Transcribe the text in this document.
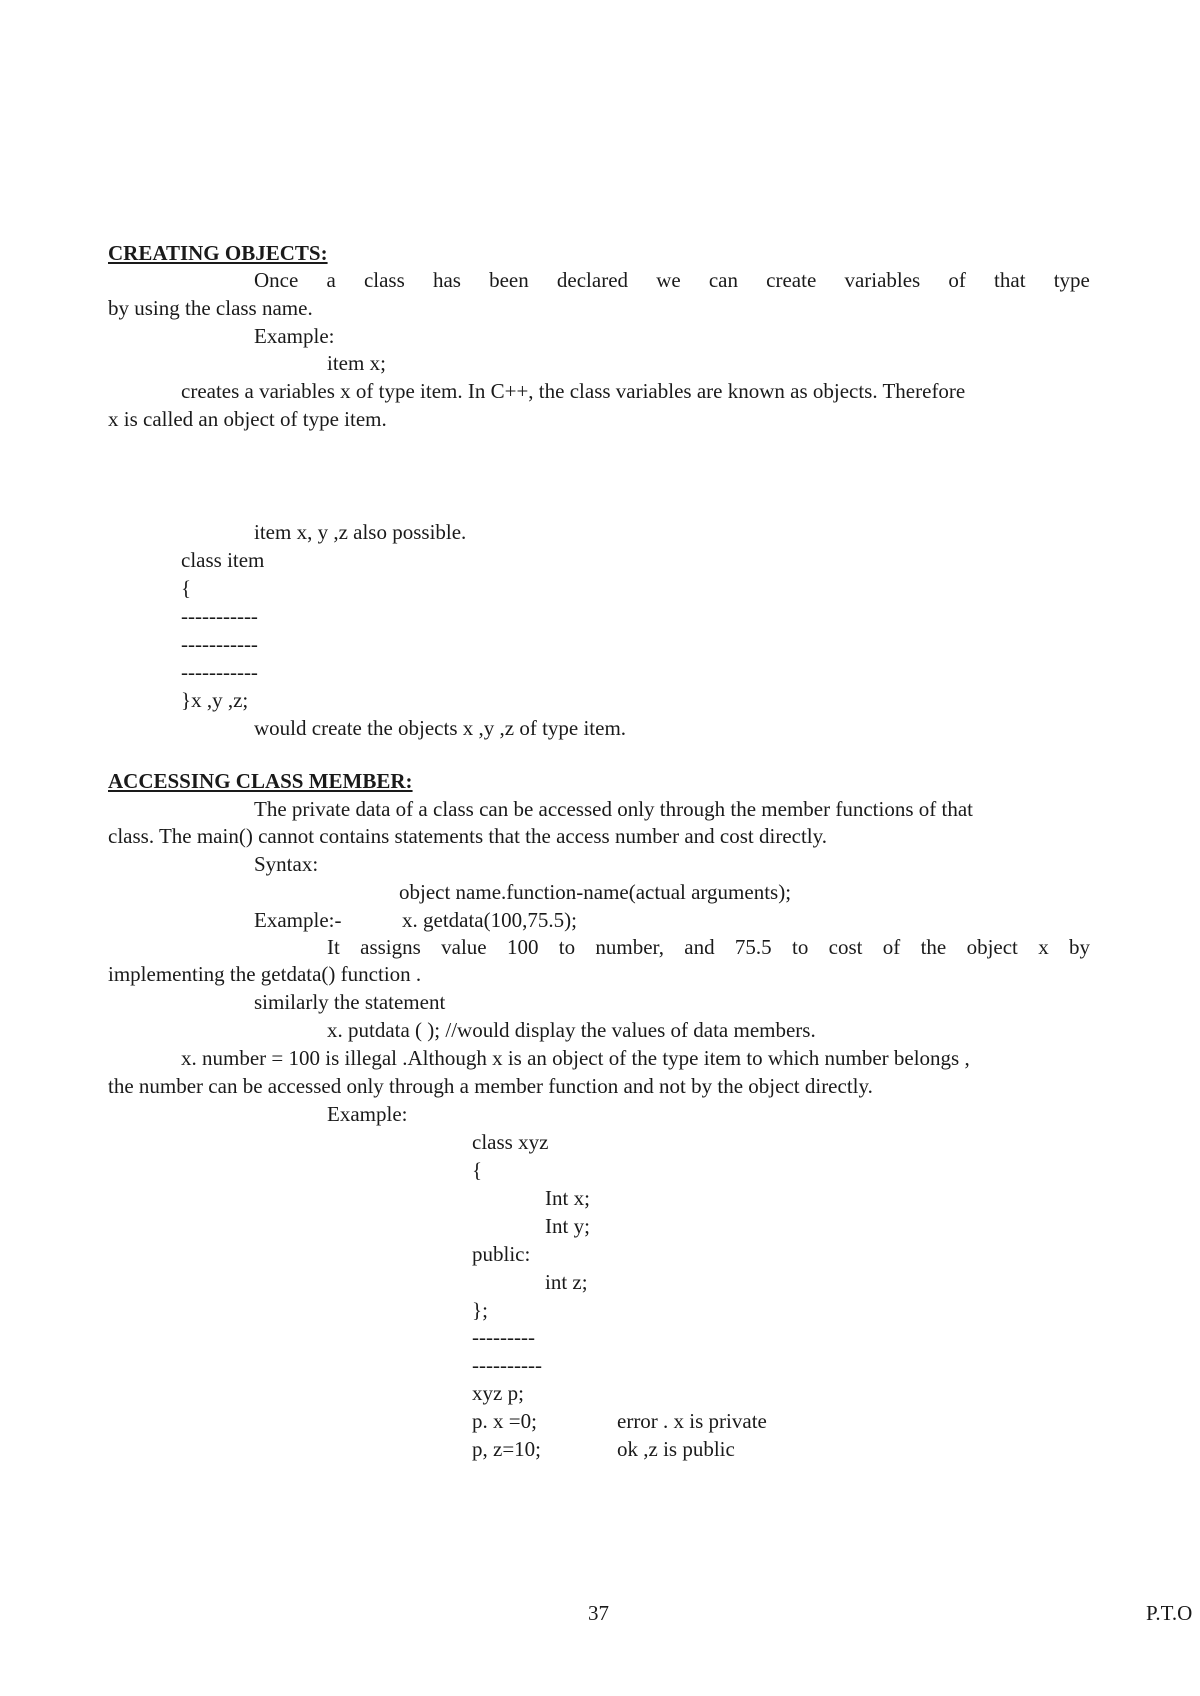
CREATING OBJECTS:
Once a class has been declared we can create variables of that type
by using the class name.
Example:
item x;
creates a variables x of type item. In C++, the class variables are known as objects. Therefore
x is called an object of type item.
item x, y ,z also possible.
class item
{
-----------
-----------
-----------
}x ,y ,z;
would create the objects x ,y ,z of type item.
ACCESSING CLASS MEMBER:
The private data of a class can be accessed only through the member functions of that
class. The main() cannot contains statements that the access number and cost directly.
Syntax:
object name.function-name(actual arguments);
Example:-	x. getdata(100,75.5);
It assigns value 100 to number, and 75.5 to cost of the object x by
implementing the getdata() function .
similarly the statement
x. putdata ( ); //would display the values of data members.
x. number = 100 is illegal .Although x is an object of the type item to which number belongs ,
the number can be accessed only through a member function and not by the object directly.
Example:
class xyz
{
Int x;
Int y;
public:
int z;
};
---------
----------
xyz p;
p. x =0;	error . x is private
p, z=10;	ok ,z is public
37	P.T.O
